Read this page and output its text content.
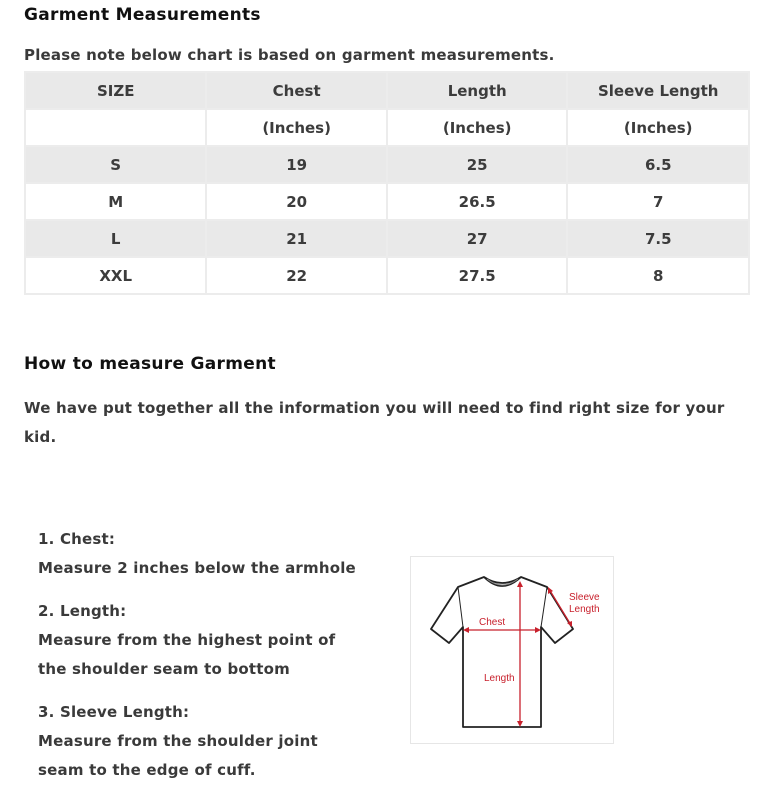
Garment Measurements
Please note below chart is based on garment measurements.
SIZE	Chest	Length	Sleeve Length
	(Inches)	(Inches)	(Inches)
S	19	25	6.5
M	20	26.5	7
L	21	27	7.5
XXL	22	27.5	8
How to measure Garment
We have put together all the information you will need to find right size for your
kid.
1. Chest:
Measure 2 inches below the armhole
2. Length:
Measure from the highest point of
the shoulder seam to bottom
3. Sleeve Length:
Measure from the shoulder joint
seam to the edge of cuff.
Chest
Length
Sleeve
Length
